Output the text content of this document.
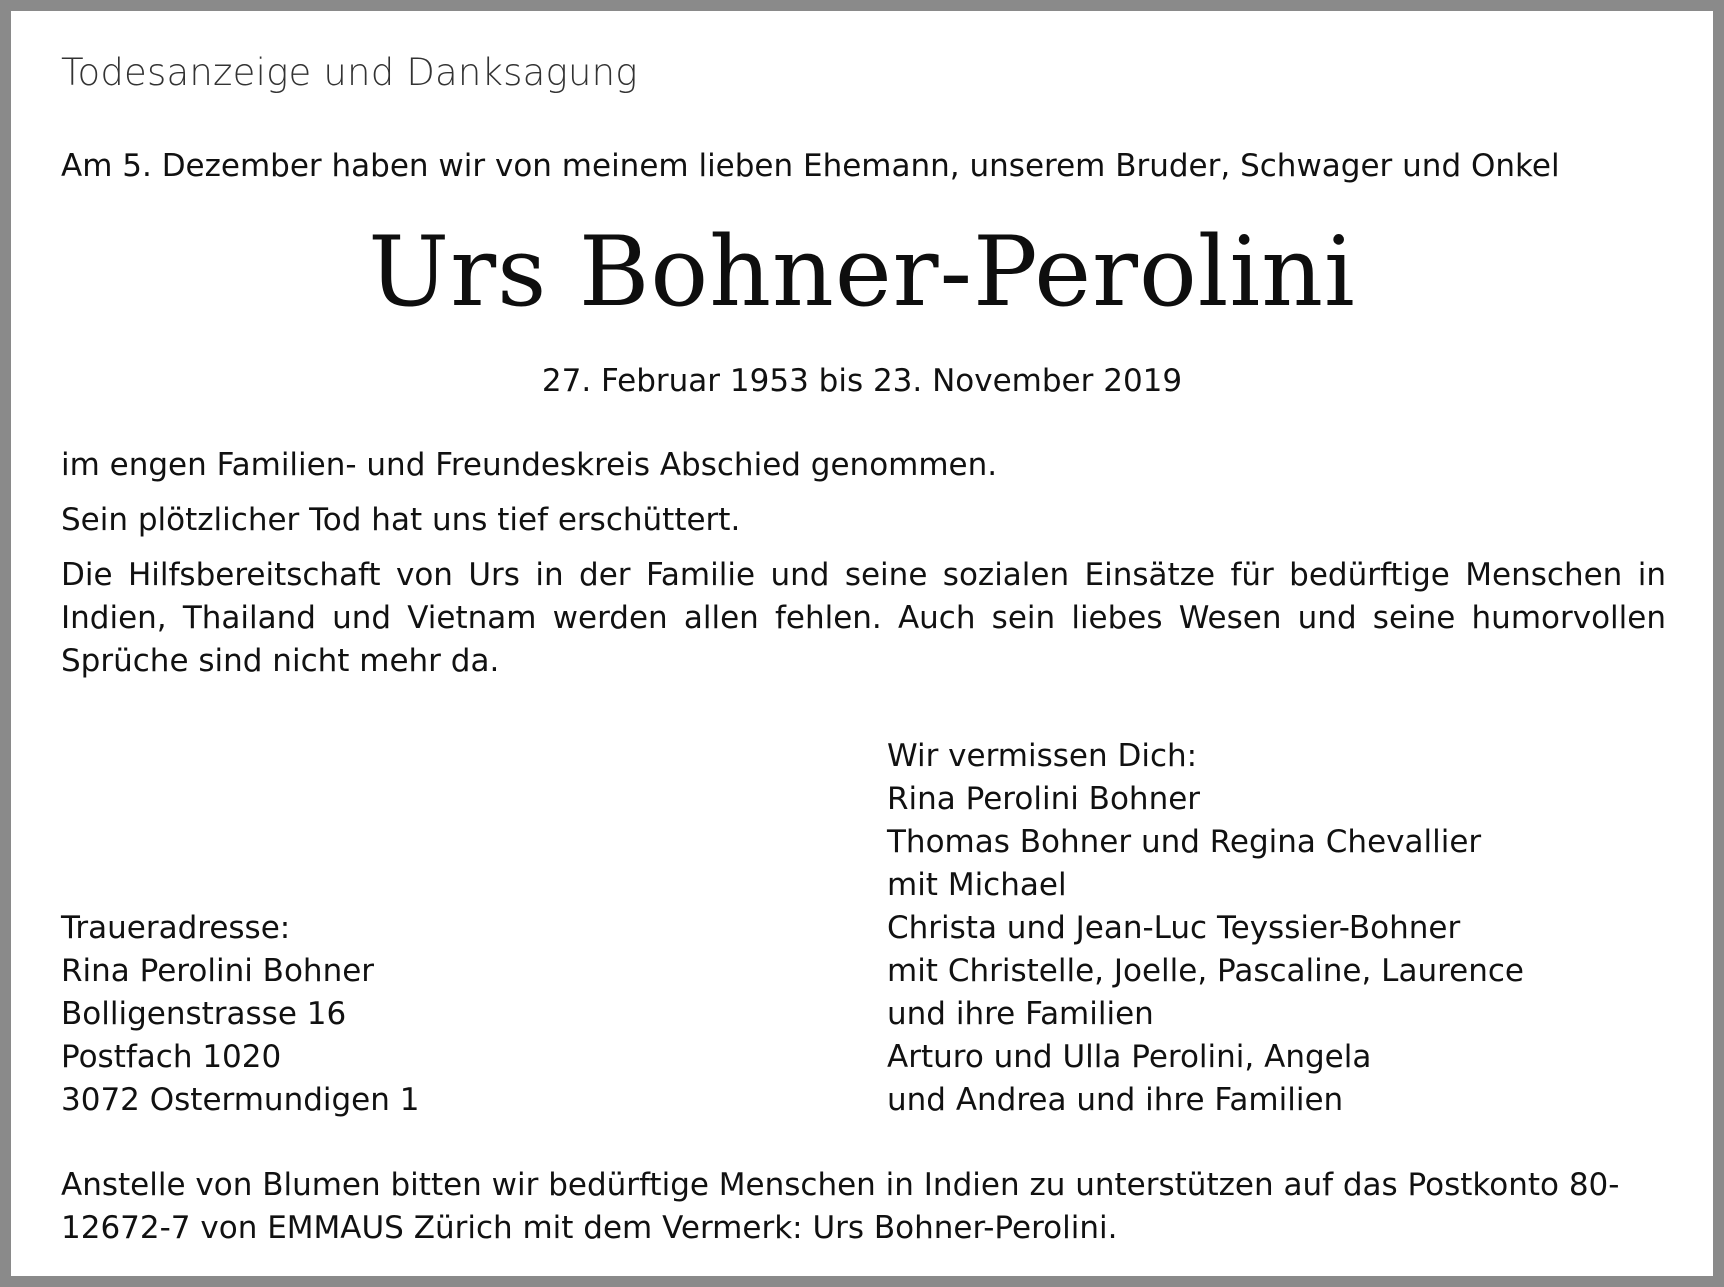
Todesanzeige und Danksagung
Am 5. Dezember haben wir von meinem lieben Ehemann, unserem Bruder, Schwager und Onkel
Urs Bohner-Perolini
27. Februar 1953 bis 23. November 2019
im engen Familien- und Freundeskreis Abschied genommen.
Sein plötzlicher Tod hat uns tief erschüttert.
Die Hilfsbereitschaft von Urs in der Familie und seine sozialen Einsätze für bedürftige Menschen in Indien, Thailand und Vietnam werden allen fehlen. Auch sein liebes Wesen und seine humorvollen Sprüche sind nicht mehr da.
Wir vermissen Dich:
Rina Perolini Bohner
Thomas Bohner und Regina Chevallier
mit Michael
Christa und Jean-Luc Teyssier-Bohner
mit Christelle, Joelle, Pascaline, Laurence
und ihre Familien
Arturo und Ulla Perolini, Angela
und Andrea und ihre Familien
Traueradresse:
Rina Perolini Bohner
Bolligenstrasse 16
Postfach 1020
3072 Ostermundigen 1
Anstelle von Blumen bitten wir bedürftige Menschen in Indien zu unterstützen auf das Postkonto 80-12672-7 von EMMAUS Zürich mit dem Vermerk: Urs Bohner-Perolini.
